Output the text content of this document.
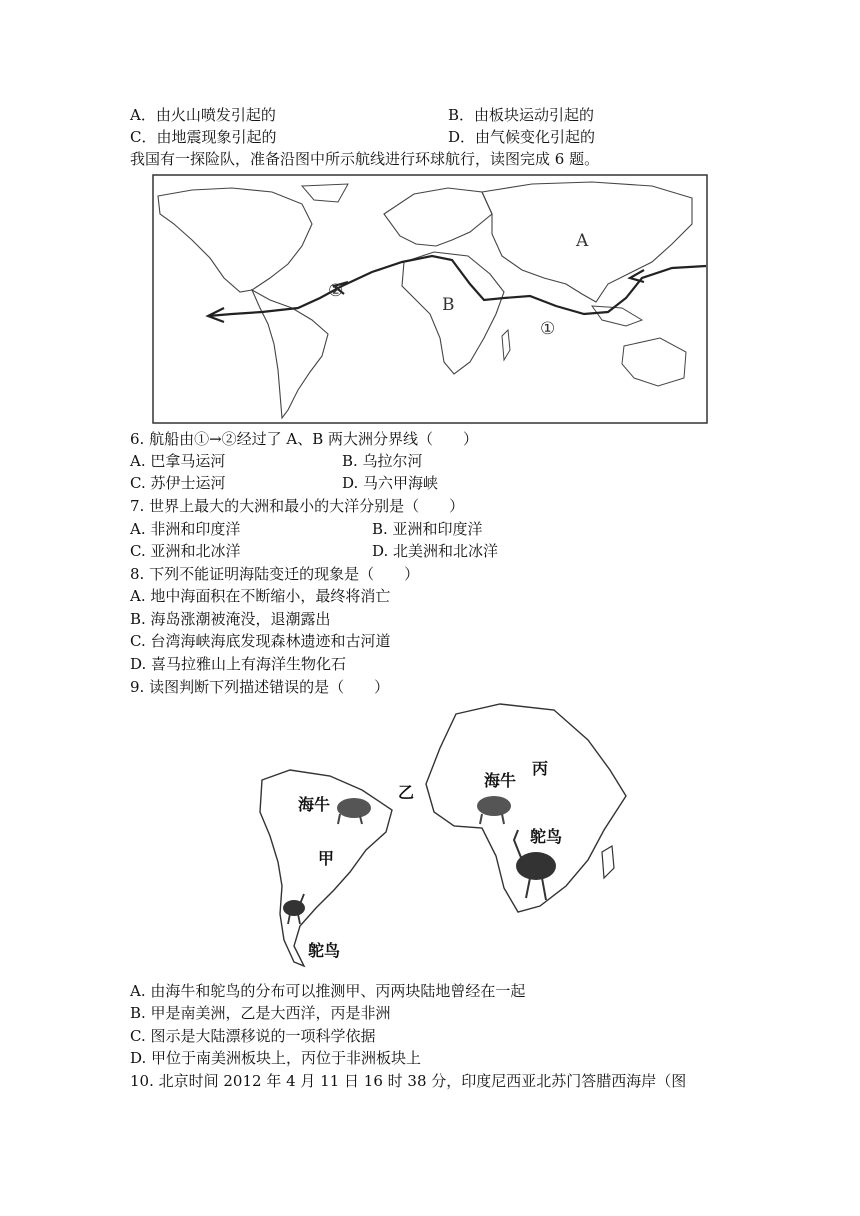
A．由火山喷发引起的	B．由板块运动引起的
C．由地震现象引起的	D．由气候变化引起的
我国有一探险队，准备沿图中所示航线进行环球航行，读图完成 6 题。
A
B
①
②
6. 航船由①→②经过了 A、B 两大洲分界线（　　）
A. 巴拿马运河	B. 乌拉尔河
C. 苏伊士运河	D. 马六甲海峡
7. 世界上最大的大洲和最小的大洋分别是（　　）
A. 非洲和印度洋	B. 亚洲和印度洋
C. 亚洲和北冰洋	D. 北美洲和北冰洋
8. 下列不能证明海陆变迁的现象是（　　）
A. 地中海面积在不断缩小，最终将消亡
B. 海岛涨潮被淹没，退潮露出
C. 台湾海峡海底发现森林遗迹和古河道
D. 喜马拉雅山上有海洋生物化石
9. 读图判断下列描述错误的是（　　）
海牛
甲
鸵鸟
乙
海牛
丙
鸵鸟
A. 由海牛和鸵鸟的分布可以推测甲、丙两块陆地曾经在一起
B. 甲是南美洲，乙是大西洋，丙是非洲
C. 图示是大陆漂移说的一项科学依据
D. 甲位于南美洲板块上，丙位于非洲板块上
10. 北京时间 2012 年 4 月 11 日 16 时 38 分，印度尼西亚北苏门答腊西海岸（图
